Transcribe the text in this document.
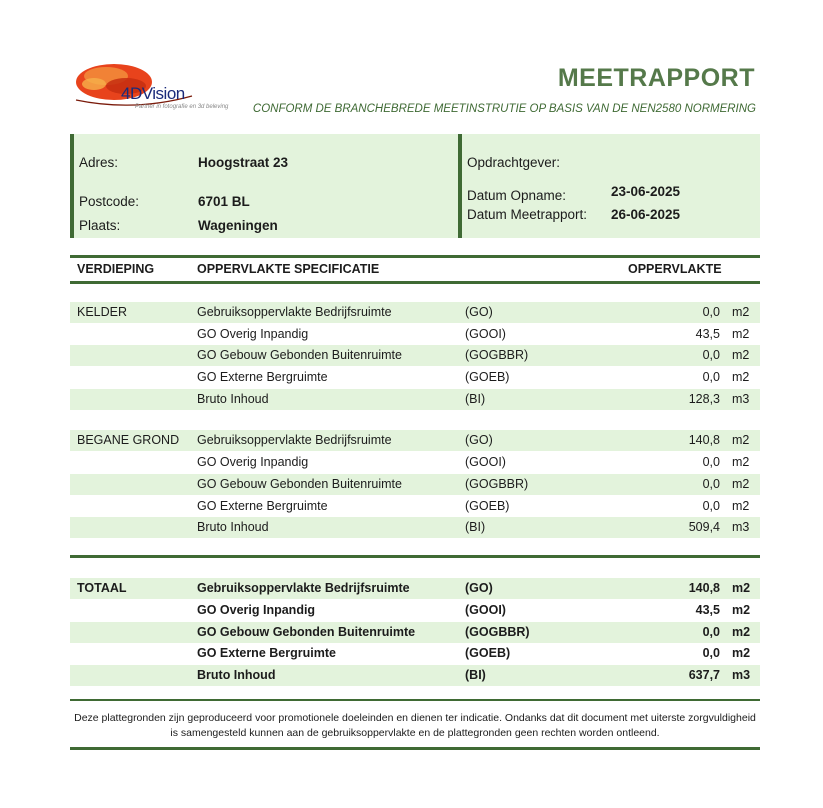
4DVision
Partner in fotografie en 3d beleving
MEETRAPPORT
CONFORM DE BRANCHEBREDE MEETINSTRUTIE OP BASIS VAN DE NEN2580 NORMERING
Adres:	Hoogstraat 23
Postcode:	6701 BL
Plaats:	Wageningen
Opdrachtgever:
Datum Opname:	23-06-2025
Datum Meetrapport: 26-06-2025
VERDIEPING	OPPERVLAKTE SPECIFICATIE	OPPERVLAKTE
KELDER	Gebruiksoppervlakte Bedrijfsruimte	(GO)	0,0 m2
GO Overig Inpandig	(GOOI)	43,5 m2
GO Gebouw Gebonden Buitenruimte	(GOGBBR)	0,0 m2
GO Externe Bergruimte	(GOEB)	0,0 m2
Bruto Inhoud	(BI)	128,3 m3
BEGANE GROND Gebruiksoppervlakte Bedrijfsruimte	(GO)	140,8 m2
GO Overig Inpandig	(GOOI)	0,0 m2
GO Gebouw Gebonden Buitenruimte	(GOGBBR)	0,0 m2
GO Externe Bergruimte	(GOEB)	0,0 m2
Bruto Inhoud	(BI)	509,4 m3
TOTAAL	Gebruiksoppervlakte Bedrijfsruimte	(GO)	140,8 m2
GO Overig Inpandig	(GOOI)	43,5 m2
GO Gebouw Gebonden Buitenruimte	(GOGBBR)	0,0 m2
GO Externe Bergruimte	(GOEB)	0,0 m2
Bruto Inhoud	(BI)	637,7 m3
Deze plattegronden zijn geproduceerd voor promotionele doeleinden en dienen ter indicatie. Ondanks dat dit document met uiterste zorgvuldigheid is samengesteld kunnen aan de gebruiksoppervlakte en de plattegronden geen rechten worden ontleend.
